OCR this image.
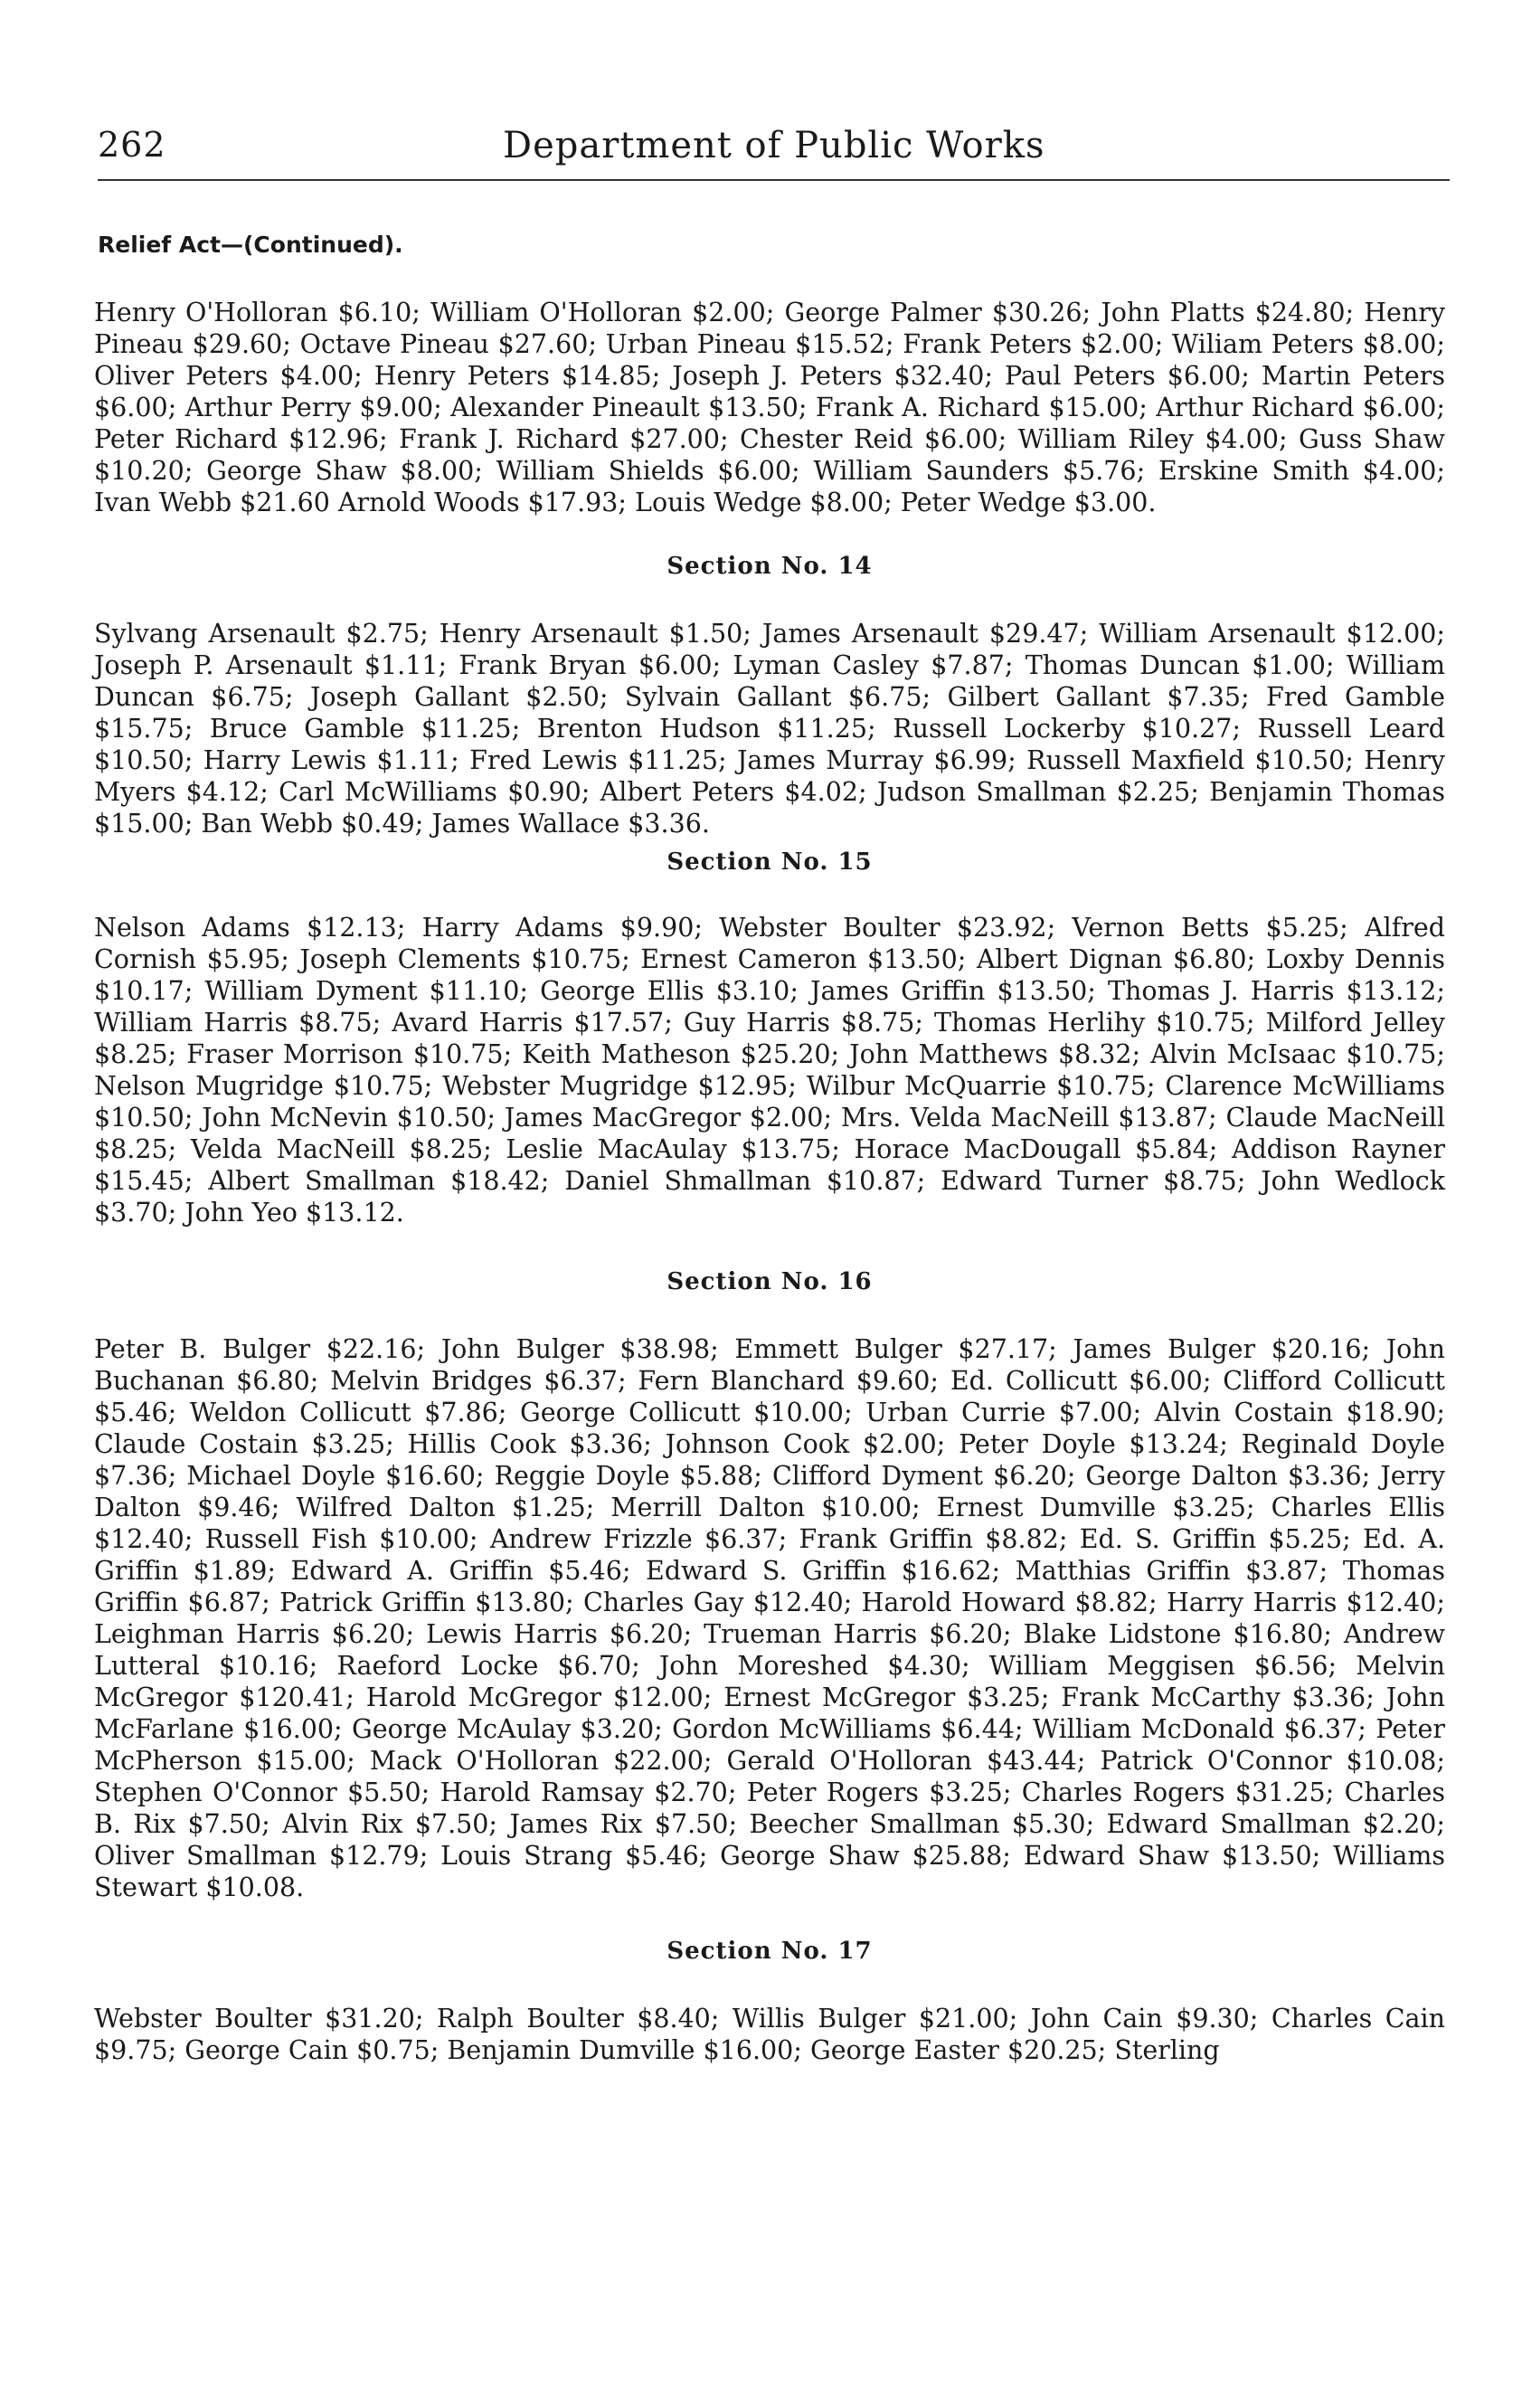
262	Department of Public Works
Relief Act—(Continued).

Henry O'Holloran $6.10; William O'Holloran $2.00; George Palmer $30.26; John Platts $24.80; Henry Pineau $29.60; Octave Pineau $27.60; Urban Pineau $15.52; Frank Peters $2.00; Wiliam Peters $8.00; Oliver Peters $4.00; Henry Peters $14.85; Joseph J. Peters $32.40; Paul Peters $6.00; Martin Peters $6.00; Arthur Perry $9.00; Alexander Pineault $13.50; Frank A. Richard $15.00; Arthur Richard $6.00; Peter Richard $12.96; Frank J. Richard $27.00; Chester Reid $6.00; William Riley $4.00; Guss Shaw $10.20; George Shaw $8.00; William Shields $6.00; William Saunders $5.76; Erskine Smith $4.00; Ivan Webb $21.60 Arnold Woods $17.93; Louis Wedge $8.00; Peter Wedge $3.00.

Section No. 14

Sylvang Arsenault $2.75; Henry Arsenault $1.50; James Arsenault $29.47; William Arsenault $12.00; Joseph P. Arsenault $1.11; Frank Bryan $6.00; Lyman Casley $7.87; Thomas Duncan $1.00; William Duncan $6.75; Joseph Gallant $2.50; Sylvain Gallant $6.75; Gilbert Gallant $7.35; Fred Gamble $15.75; Bruce Gamble $11.25; Brenton Hudson $11.25; Russell Lockerby $10.27; Russell Leard $10.50; Harry Lewis $1.11; Fred Lewis $11.25; James Murray $6.99; Russell Maxfield $10.50; Henry Myers $4.12; Carl McWilliams $0.90; Albert Peters $4.02; Judson Smallman $2.25; Benjamin Thomas $15.00; Ban Webb $0.49; James Wallace $3.36.

Section No. 15

Nelson Adams $12.13; Harry Adams $9.90; Webster Boulter $23.92; Vernon Betts $5.25; Alfred Cornish $5.95; Joseph Clements $10.75; Ernest Cameron $13.50; Albert Dignan $6.80; Loxby Dennis $10.17; William Dyment $11.10; George Ellis $3.10; James Griffin $13.50; Thomas J. Harris $13.12; William Harris $8.75; Avard Harris $17.57; Guy Harris $8.75; Thomas Herlihy $10.75; Milford Jelley $8.25; Fraser Morrison $10.75; Keith Matheson $25.20; John Matthews $8.32; Alvin McIsaac $10.75; Nelson Mugridge $10.75; Webster Mugridge $12.95; Wilbur McQuarrie $10.75; Clarence McWilliams $10.50; John McNevin $10.50; James MacGregor $2.00; Mrs. Velda MacNeill $13.87; Claude MacNeill $8.25; Velda MacNeill $8.25; Leslie MacAulay $13.75; Horace MacDougall $5.84; Addison Rayner $15.45; Albert Smallman $18.42; Daniel Shmallman $10.87; Edward Turner $8.75; John Wedlock $3.70; John Yeo $13.12.

Section No. 16

Peter B. Bulger $22.16; John Bulger $38.98; Emmett Bulger $27.17; James Bulger $20.16; John Buchanan $6.80; Melvin Bridges $6.37; Fern Blanchard $9.60; Ed. Collicutt $6.00; Clifford Collicutt $5.46; Weldon Collicutt $7.86; George Collicutt $10.00; Urban Currie $7.00; Alvin Costain $18.90; Claude Costain $3.25; Hillis Cook $3.36; Johnson Cook $2.00; Peter Doyle $13.24; Reginald Doyle $7.36; Michael Doyle $16.60; Reggie Doyle $5.88; Clifford Dyment $6.20; George Dalton $3.36; Jerry Dalton $9.46; Wilfred Dalton $1.25; Merrill Dalton $10.00; Ernest Dumville $3.25; Charles Ellis $12.40; Russell Fish $10.00; Andrew Frizzle $6.37; Frank Griffin $8.82; Ed. S. Griffin $5.25; Ed. A. Griffin $1.89; Edward A. Griffin $5.46; Edward S. Griffin $16.62; Matthias Griffin $3.87; Thomas Griffin $6.87; Patrick Griffin $13.80; Charles Gay $12.40; Harold Howard $8.82; Harry Harris $12.40; Leighman Harris $6.20; Lewis Harris $6.20; Trueman Harris $6.20; Blake Lidstone $16.80; Andrew Lutteral $10.16; Raeford Locke $6.70; John Moreshed $4.30; William Meggisen $6.56; Melvin McGregor $120.41; Harold McGregor $12.00; Ernest McGregor $3.25; Frank McCarthy $3.36; John McFarlane $16.00; George McAulay $3.20; Gordon McWilliams $6.44; William McDonald $6.37; Peter McPherson $15.00; Mack O'Holloran $22.00; Gerald O'Holloran $43.44; Patrick O'Connor $10.08; Stephen O'Connor $5.50; Harold Ramsay $2.70; Peter Rogers $3.25; Charles Rogers $31.25; Charles B. Rix $7.50; Alvin Rix $7.50; James Rix $7.50; Beecher Smallman $5.30; Edward Smallman $2.20; Oliver Smallman $12.79; Louis Strang $5.46; George Shaw $25.88; Edward Shaw $13.50; Williams Stewart $10.08.

Section No. 17

Webster Boulter $31.20; Ralph Boulter $8.40; Willis Bulger $21.00; John Cain $9.30; Charles Cain $9.75; George Cain $0.75; Benjamin Dumville $16.00; George Easter $20.25; Sterling
